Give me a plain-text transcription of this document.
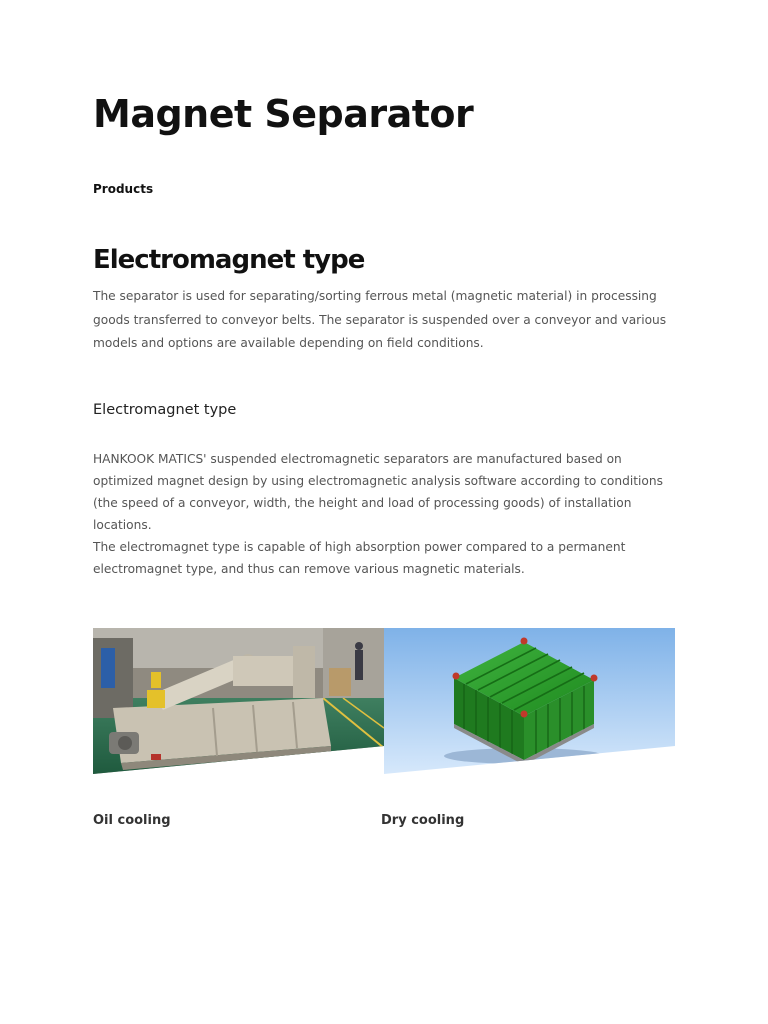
Magnet Separator
Products
Electromagnet type

The separator is used for separating/sorting ferrous metal (magnetic material) in processing goods transferred to conveyor belts. The separator is suspended over a conveyor and various models and options are available depending on field conditions.

Electromagnet type

HANKOOK MATICS' suspended electromagnetic separators are manufactured based on optimized magnet design by using electromagnetic analysis software according to conditions (the speed of a conveyor, width, the height and load of processing goods) of installation locations.

The electromagnet type is capable of high absorption power compared to a permanent electromagnet type, and thus can remove various magnetic materials.

Oil cooling	Dry cooling
